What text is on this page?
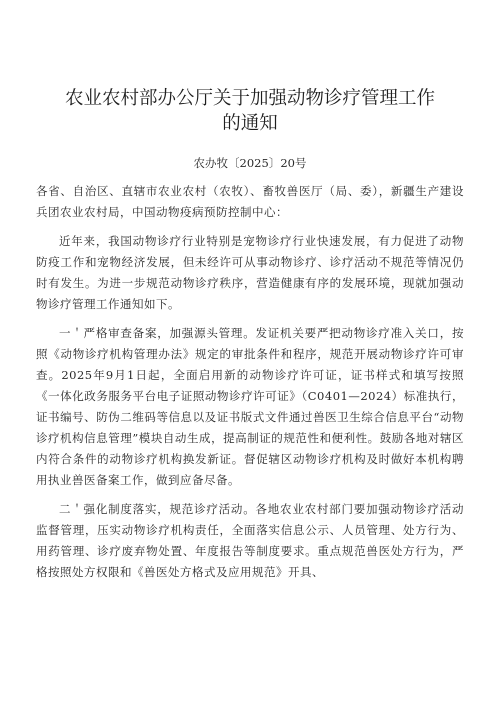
农业农村部办公厅关于加强动物诊疗管理工作
的通知

农办牧〔2025〕20号

各省、自治区、直辖市农业农村（农牧）、畜牧兽医厅（局、委），新疆生产建设兵团农业农村局，中国动物疫病预防控制中心：

近年来，我国动物诊疗行业特别是宠物诊疗行业快速发展，有力促进了动物防疫工作和宠物经济发展，但未经许可从事动物诊疗、诊疗活动不规范等情况仍时有发生。为进一步规范动物诊疗秩序，营造健康有序的发展环境，现就加强动物诊疗管理工作通知如下。

一＇严格审查备案，加强源头管理。发证机关要严把动物诊疗准入关口，按照《动物诊疗机构管理办法》规定的审批条件和程序，规范开展动物诊疗许可审查。2025年9月1日起，全面启用新的动物诊疗许可证，证书样式和填写按照《一体化政务服务平台电子证照动物诊疗许可证》（C0401—2024）标准执行，证书编号、防伪二维码等信息以及证书版式文件通过兽医卫生综合信息平台“动物诊疗机构信息管理”模块自动生成，提高制证的规范性和便利性。鼓励各地对辖区内符合条件的动物诊疗机构换发新证。督促辖区动物诊疗机构及时做好本机构聘用执业兽医备案工作，做到应备尽备。

二＇强化制度落实，规范诊疗活动。各地农业农村部门要加强动物诊疗活动监督管理，压实动物诊疗机构责任，全面落实信息公示、人员管理、处方行为、用药管理、诊疗废弃物处置、年度报告等制度要求。重点规范兽医处方行为，严格按照处方权限和《兽医处方格式及应用规范》开具、
